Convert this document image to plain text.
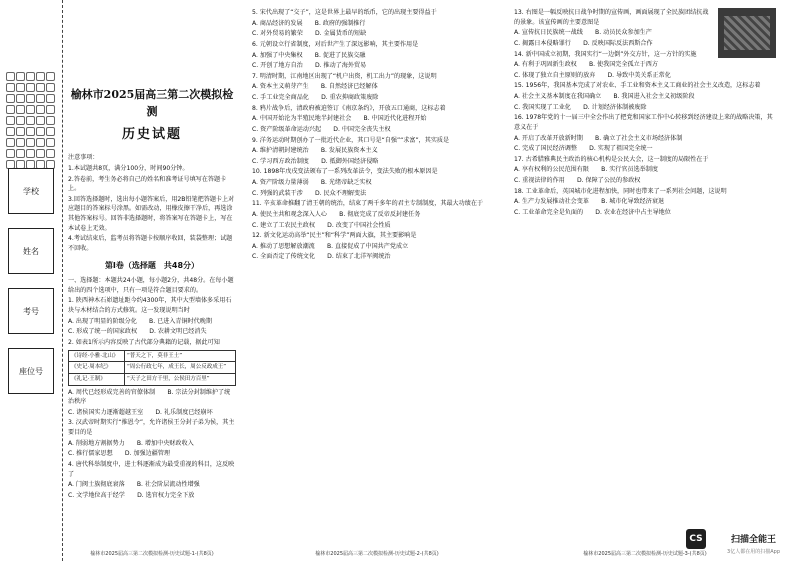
学校
姓名
考号
座位号
榆林市2025届高三第二次模拟检测
历史试题

注意事项：

1.本试题共8页，满分100分，时间90分钟。

2.答卷前，考生务必将自己的姓名和准考证号填写在答题卡上。

3.回答选择题时，选出每小题答案后，用2B铅笔把答题卡上对应题目的答案标号涂黑。如需改动，用橡皮擦干净后，再选涂其他答案标号。回答非选择题时，将答案写在答题卡上，写在本试卷上无效。

4.考试结束后，监考员将答题卡按顺序收回，装袋整理；试题不回收。

第Ⅰ卷（选择题　共48分）

一、选择题：本题共24小题，每小题2分，共48分。在每小题给出的四个选项中，只有一项是符合题目要求的。

1. 陕西神木石峁遗址距今约4300年，其中大型墙体多采用石块与木材结合的方式修筑。这一发现说明当时

A. 出现了明显的阶级分化　　B. 已进入青铜时代晚期

C. 形成了统一的国家政权　　D. 农耕文明已经消失

2. 如表1所示内容反映了古代部分典籍的记载，据此可知

《诗经·小雅·北山》	“普天之下，莫非王土”
《史记·周本纪》	“周公行政七年，成王长，周公反政成王”
《礼记·王制》	“天子之田方千里，公侯田方百里”

A. 周代已经形成完善的官僚体制　　B. 宗法分封制维护了统治秩序

C. 诸侯国实力逐渐超越王室　　D. 礼乐制度已经崩坏

3. 汉武帝时期实行“推恩令”，允许诸侯王分封子弟为侯，其主要目的是

A. 削弱地方割据势力　　B. 增加中央财政收入

C. 推行儒家思想　　D. 加强边疆管理

4. 唐代科举制度中，进士科逐渐成为最受重视的科目，这反映了

A. 门阀士族彻底衰落　　B. 社会阶层流动性增强

C. 文学地位高于经学　　D. 选官权力完全下放

榆林市2025届高三第二次模拟检测-历史试题-1-(共8页)

5. 宋代出现了“交子”，这是世界上最早的纸币，它的出现主要得益于

A. 商品经济的发展　　B. 政府的强制推行

C. 对外贸易的繁荣　　D. 金属货币的短缺

6. 元朝设立行省制度，对后世产生了深远影响，其主要作用是

A. 加强了中央集权　　B. 促进了民族交融

C. 开创了地方自治　　D. 推动了海外贸易

7. 明清时期，江南地区出现了“机户出资，机工出力”的现象，这说明

A. 资本主义萌芽产生　　B. 自然经济已经解体

C. 手工业完全商品化　　D. 重农抑商政策废除

8. 鸦片战争后，清政府被迫签订《南京条约》，开放五口通商，这标志着

A. 中国开始沦为半殖民地半封建社会　　B. 中国近代化进程开始

C. 资产阶级革命运动兴起　　D. 中国完全丧失主权

9. 洋务运动时期创办了一批近代企业，其口号是“自强”“求富”，其实质是

A. 维护清朝封建统治　　B. 发展民族资本主义

C. 学习西方政治制度　　D. 抵御外国经济侵略

10. 1898年戊戌变法颁布了一系列改革法令，变法失败的根本原因是

A. 资产阶级力量薄弱　　B. 光绪帝缺乏实权

C. 列强的武装干涉　　D. 民众不理解变法

11. 辛亥革命推翻了清王朝的统治，结束了两千多年的君主专制制度，其最大功绩在于

A. 使民主共和观念深入人心　　B. 彻底完成了反帝反封建任务

C. 建立了工农民主政权　　D. 改变了中国社会性质

12. 新文化运动高举“民主”和“科学”两面大旗，其主要影响是

A. 推动了思想解放潮流　　B. 直接促成了中国共产党成立

C. 全面否定了传统文化　　D. 结束了北洋军阀统治

榆林市2025届高三第二次模拟检测-历史试题-2-(共8页)

13. 右图是一幅反映抗日战争时期的宣传画，画面展现了全民族团结抗战的景象。该宣传画的主要意图是

A. 宣传抗日民族统一战线　　B. 动员民众参加生产

C. 揭露日本侵略罪行　　D. 反映国际反法西斯合作

14. 新中国成立初期，我国实行“一边倒”外交方针，这一方针的实施

A. 有利于巩固新生政权　　B. 使我国完全孤立于西方

C. 体现了独立自主原则的放弃　　D. 导致中美关系正常化

15. 1956年，我国基本完成了对农业、手工业和资本主义工商业的社会主义改造，这标志着

A. 社会主义基本制度在我国确立　　B. 我国进入社会主义初级阶段

C. 我国实现了工业化　　D. 计划经济体制被废除

16. 1978年党的十一届三中全会作出了把党和国家工作中心转移到经济建设上来的战略决策，其意义在于

A. 开启了改革开放新时期　　B. 确立了社会主义市场经济体制

C. 完成了国民经济调整　　D. 实现了祖国完全统一

17. 古希腊雅典民主政治的核心机构是公民大会，这一制度的局限性在于

A. 享有权利的公民范围有限　　B. 实行官员选举制度

C. 重视法律的作用　　D. 保障了公民的参政权

18. 工业革命后，英国城市化进程加快，同时也带来了一系列社会问题，这说明

A. 生产力发展推动社会变革　　B. 城市化导致经济衰退

C. 工业革命完全是负面的　　D. 农业在经济中占主导地位

榆林市2025届高三第二次模拟检测-历史试题-3-(共8页)
CS	扫描全能王
3亿人都在用的扫描App
